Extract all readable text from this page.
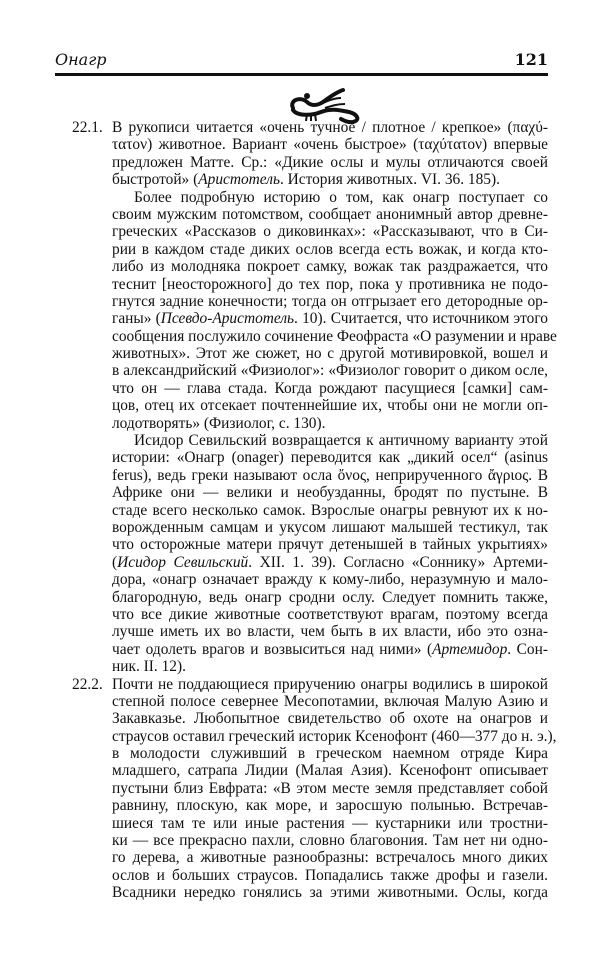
Онагр	121
22.1. В рукописи читается «очень тучное / плотное / крепкое» (παχύ-
τατον) животное. Вариант «очень быстрое» (ταχύτατον) впервые
предложен Матте. Ср.: «Дикие ослы и мулы отличаются своей
быстротой» (Аристотель. История животных. VI. 36. 185).
Более подробную историю о том, как онагр поступает со
своим мужским потомством, сообщает анонимный автор древне-
греческих «Рассказов о диковинках»: «Рассказывают, что в Си-
рии в каждом стаде диких ослов всегда есть вожак, и когда кто-
либо из молодняка покроет самку, вожак так раздражается, что
теснит [неосторожного] до тех пор, пока у противника не подо-
гнутся задние конечности; тогда он отгрызает его детородные ор-
ганы» (Псевдо-Аристотель. 10). Считается, что источником этого
сообщения послужило сочинение Феофраста «О разумении и нраве
животных». Этот же сюжет, но с другой мотивировкой, вошел и
в александрийский «Физиолог»: «Физиолог говорит о диком осле,
что он — глава стада. Когда рождают пасущиеся [самки] сам-
цов, отец их отсекает почтеннейшие их, чтобы они не могли оп-
лодотворять» (Физиолог, с. 130).
Исидор Севильский возвращается к античному варианту этой
истории: «Онагр (onager) переводится как „дикий осел“ (asinus
ferus), ведь греки называют осла ὄνος, неприрученного ἄγριος. В
Африке они — велики и необузданны, бродят по пустыне. В
стаде всего несколько самок. Взрослые онагры ревнуют их к но-
ворожденным самцам и укусом лишают малышей тестикул, так
что осторожные матери прячут детенышей в тайных укрытиях»
(Исидор Севильский. XII. 1. 39). Согласно «Соннику» Артеми-
дора, «онагр означает вражду к кому-либо, неразумную и мало-
благородную, ведь онагр сродни ослу. Следует помнить также,
что все дикие животные соответствуют врагам, поэтому всегда
лучше иметь их во власти, чем быть в их власти, ибо это озна-
чает одолеть врагов и возвыситься над ними» (Артемидор. Сон-
ник. II. 12).
22.2. Почти не поддающиеся приручению онагры водились в широкой
степной полосе севернее Месопотамии, включая Малую Азию и
Закавказье. Любопытное свидетельство об охоте на онагров и
страусов оставил греческий историк Ксенофонт (460—377 до н. э.),
в молодости служивший в греческом наемном отряде Кира
младшего, сатрапа Лидии (Малая Азия). Ксенофонт описывает
пустыни близ Евфрата: «В этом месте земля представляет собой
равнину, плоскую, как море, и заросшую полынью. Встречав-
шиеся там те или иные растения — кустарники или тростни-
ки — все прекрасно пахли, словно благовония. Там нет ни одно-
го дерева, а животные разнообразны: встречалось много диких
ослов и больших страусов. Попадались также дрофы и газели.
Всадники нередко гонялись за этими животными. Ослы, когда
